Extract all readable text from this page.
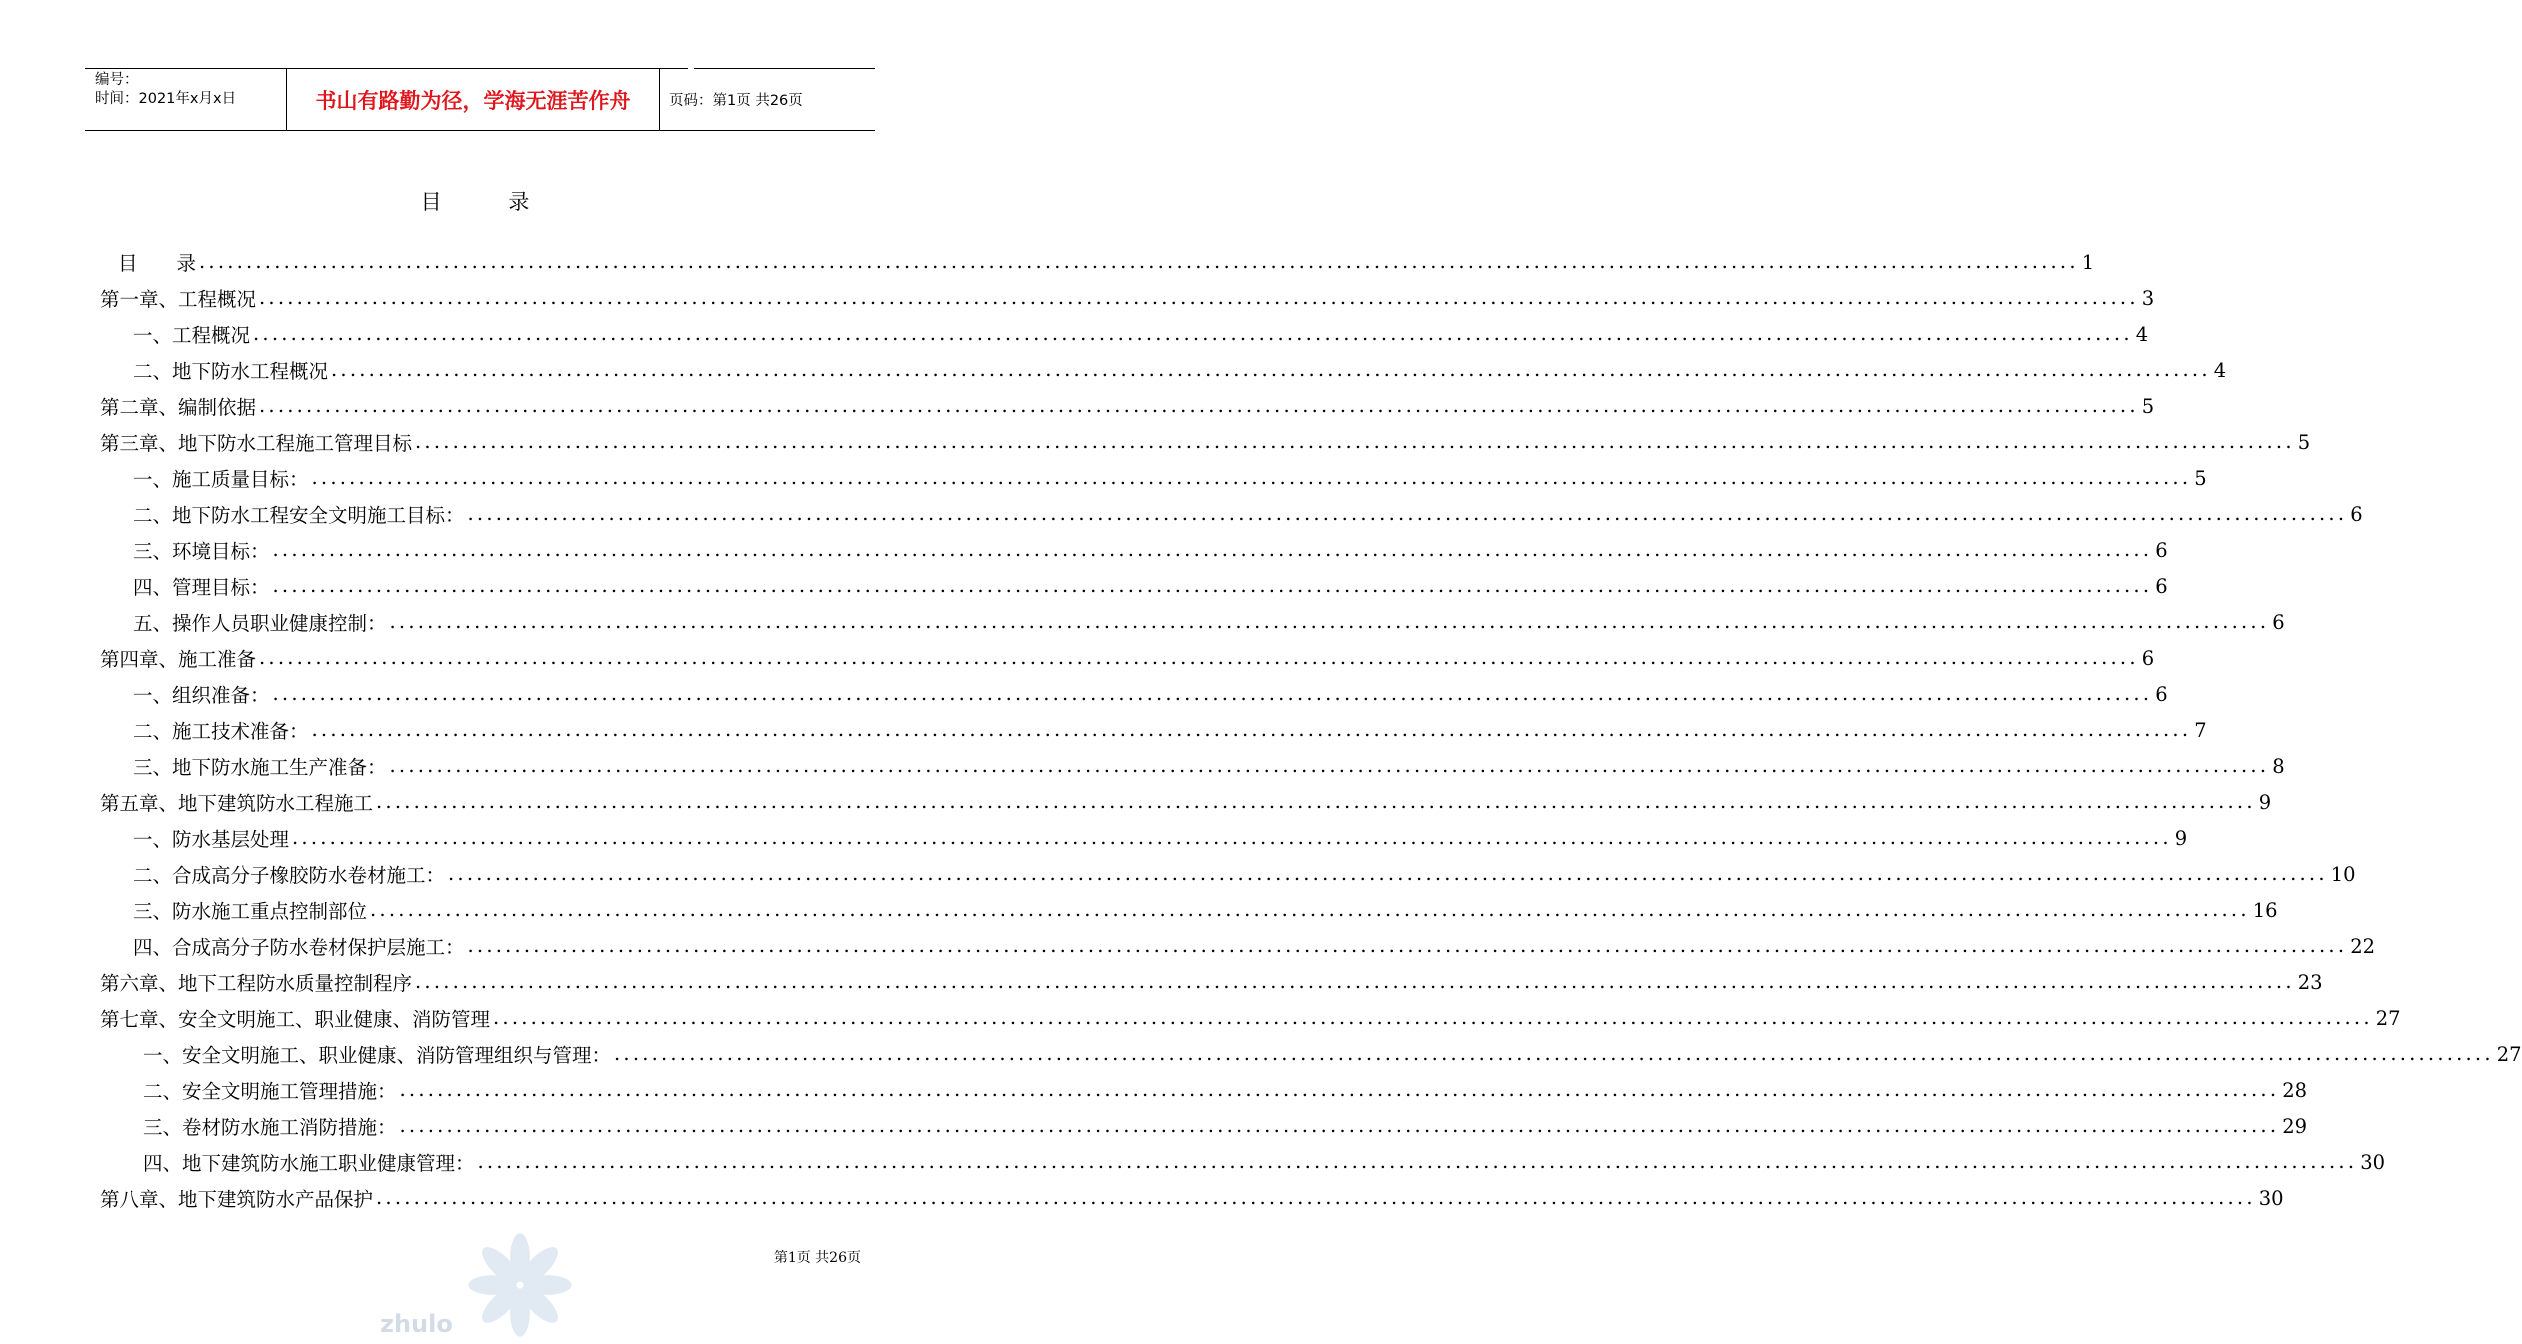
编号：
时间：2021年x月x日	书山有路勤为径，学海无涯苦作舟	页码：第1页 共26页
目 录
目　　录 ........................................................................................................................................................................................................ 1
第一章、工程概况 ........................................................................................................................................................................................................ 3
一、工程概况 ........................................................................................................................................................................................................ 4
二、地下防水工程概况 ........................................................................................................................................................................................................ 4
第二章、编制依据 ........................................................................................................................................................................................................ 5
第三章、地下防水工程施工管理目标 ........................................................................................................................................................................................................ 5
一、施工质量目标： ........................................................................................................................................................................................................ 5
二、地下防水工程安全文明施工目标： ........................................................................................................................................................................................................ 6
三、环境目标： ........................................................................................................................................................................................................ 6
四、管理目标： ........................................................................................................................................................................................................ 6
五、操作人员职业健康控制： ........................................................................................................................................................................................................ 6
第四章、施工准备 ........................................................................................................................................................................................................ 6
一、组织准备： ........................................................................................................................................................................................................ 6
二、施工技术准备： ........................................................................................................................................................................................................ 7
三、地下防水施工生产准备： ........................................................................................................................................................................................................ 8
第五章、地下建筑防水工程施工 ........................................................................................................................................................................................................ 9
一、防水基层处理 ........................................................................................................................................................................................................ 9
二、合成高分子橡胶防水卷材施工： ........................................................................................................................................................................................................ 10
三、防水施工重点控制部位 ........................................................................................................................................................................................................ 16
四、合成高分子防水卷材保护层施工： ........................................................................................................................................................................................................ 22
第六章、地下工程防水质量控制程序 ........................................................................................................................................................................................................ 23
第七章、安全文明施工、职业健康、消防管理 ........................................................................................................................................................................................................ 27
一、安全文明施工、职业健康、消防管理组织与管理： ........................................................................................................................................................................................................ 27
二、安全文明施工管理措施： ........................................................................................................................................................................................................ 28
三、卷材防水施工消防措施： ........................................................................................................................................................................................................ 29
四、地下建筑防水施工职业健康管理： ........................................................................................................................................................................................................ 30
第八章、地下建筑防水产品保护 ........................................................................................................................................................................................................ 30
第1页 共26页
zhulo
